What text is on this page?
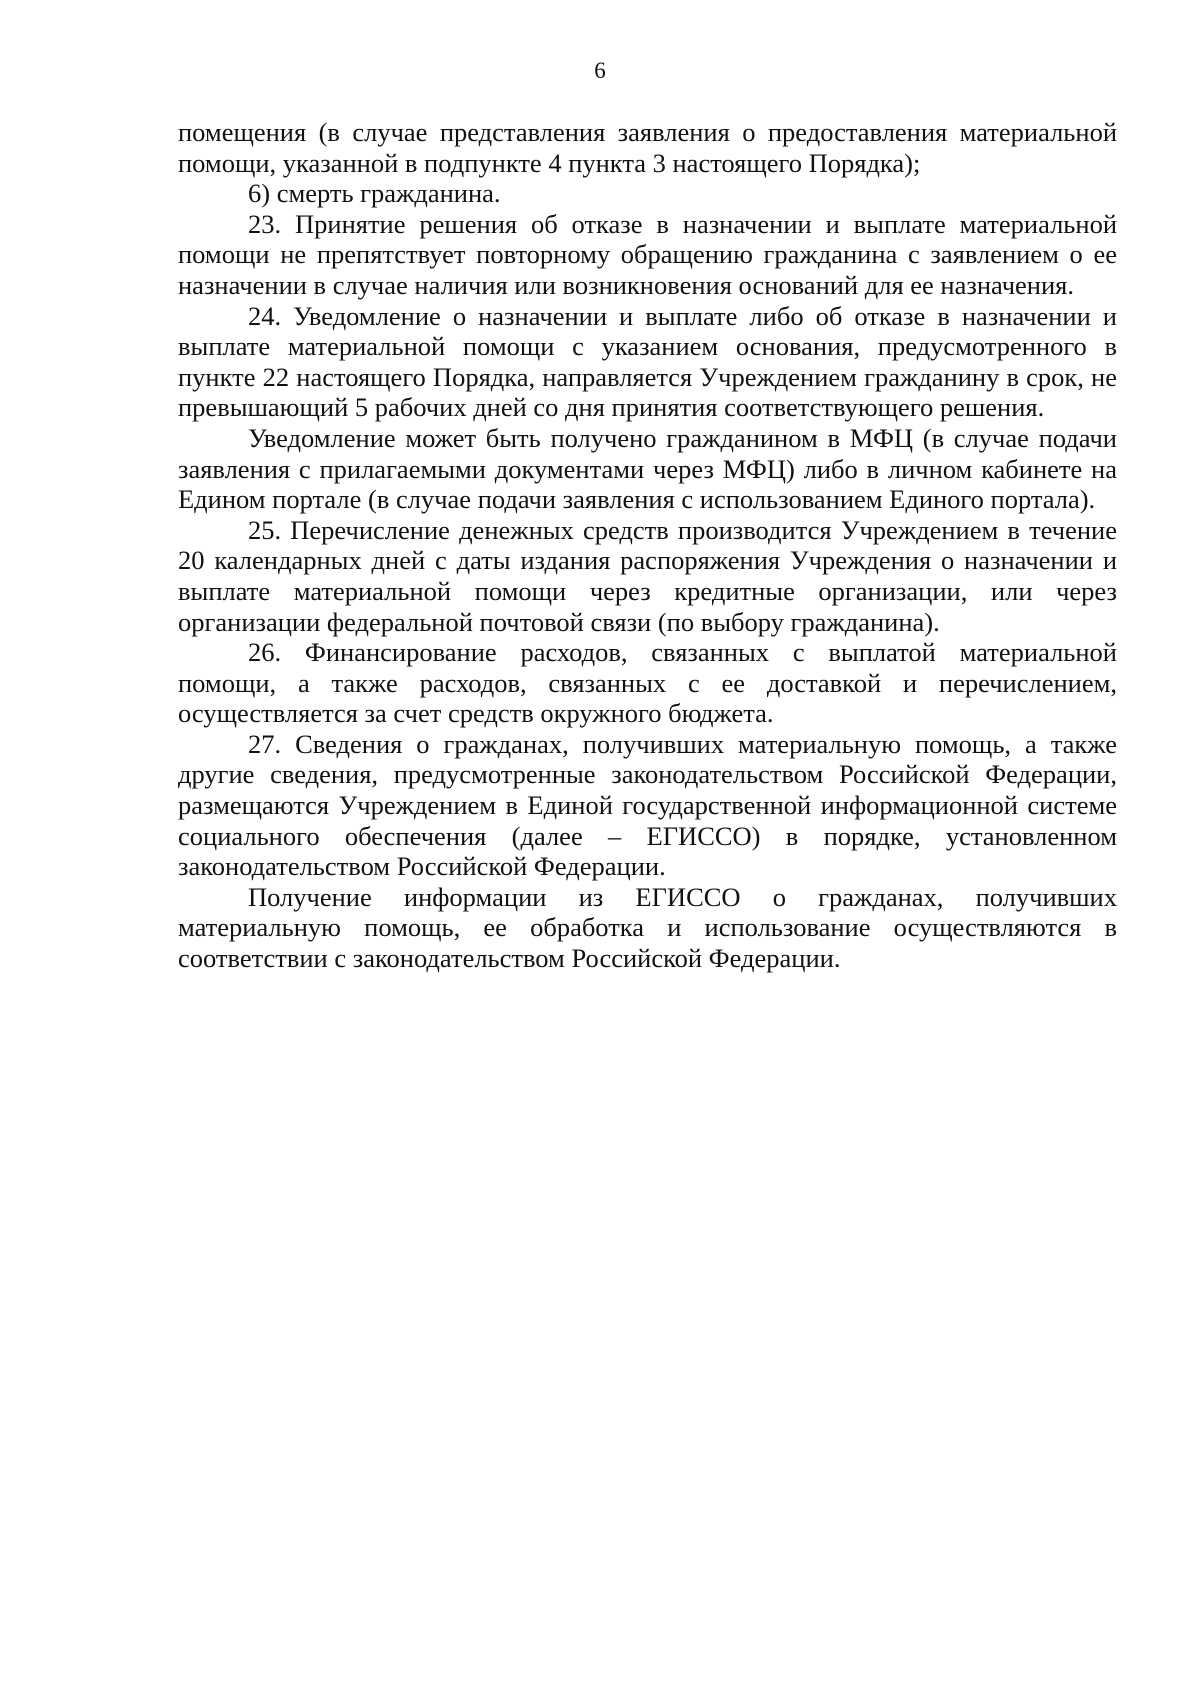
6

помещения (в случае представления заявления о предоставления материальной помощи, указанной в подпункте 4 пункта 3 настоящего Порядка);

6) смерть гражданина.

23. Принятие решения об отказе в назначении и выплате материальной помощи не препятствует повторному обращению гражданина с заявлением о ее назначении в случае наличия или возникновения оснований для ее назначения.

24. Уведомление о назначении и выплате либо об отказе в назначении и выплате материальной помощи с указанием основания, предусмотренного в пункте 22 настоящего Порядка, направляется Учреждением гражданину в срок, не превышающий 5 рабочих дней со дня принятия соответствующего решения.

Уведомление может быть получено гражданином в МФЦ (в случае подачи заявления с прилагаемыми документами через МФЦ) либо в личном кабинете на Едином портале (в случае подачи заявления с использованием Единого портала).

25. Перечисление денежных средств производится Учреждением в течение 20 календарных дней с даты издания распоряжения Учреждения о назначении и выплате материальной помощи через кредитные организации, или через организации федеральной почтовой связи (по выбору гражданина).

26. Финансирование расходов, связанных с выплатой материальной помощи, а также расходов, связанных с ее доставкой и перечислением, осуществляется за счет средств окружного бюджета.

27. Сведения о гражданах, получивших материальную помощь, а также другие сведения, предусмотренные законодательством Российской Федерации, размещаются Учреждением в Единой государственной информационной системе социального обеспечения (далее – ЕГИССО) в порядке, установленном законодательством Российской Федерации.

Получение информации из ЕГИССО о гражданах, получивших материальную помощь, ее обработка и использование осуществляются в соответствии с законодательством Российской Федерации.
